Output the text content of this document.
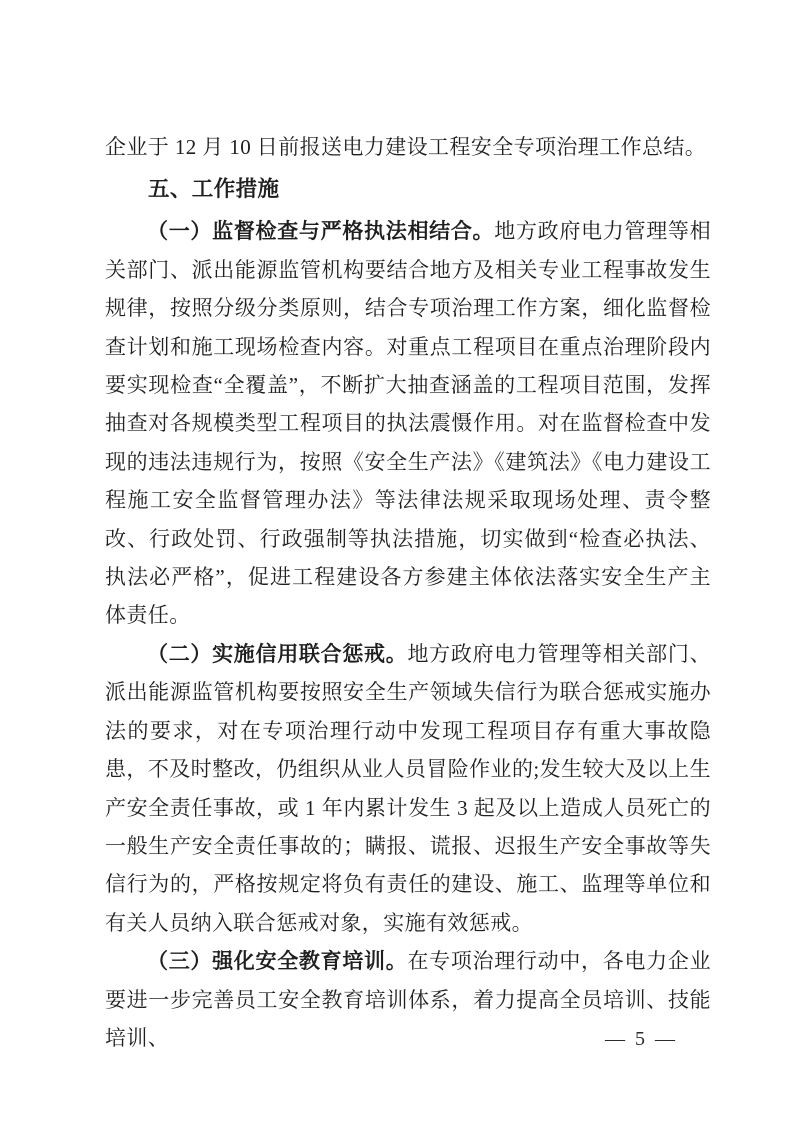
企业于 12 月 10 日前报送电力建设工程安全专项治理工作总结。

五、工作措施

（一）监督检查与严格执法相结合。地方政府电力管理等相关部门、派出能源监管机构要结合地方及相关专业工程事故发生规律，按照分级分类原则，结合专项治理工作方案，细化监督检查计划和施工现场检查内容。对重点工程项目在重点治理阶段内要实现检查“全覆盖”，不断扩大抽查涵盖的工程项目范围，发挥抽查对各规模类型工程项目的执法震慑作用。对在监督检查中发现的违法违规行为，按照《安全生产法》《建筑法》《电力建设工程施工安全监督管理办法》等法律法规采取现场处理、责令整改、行政处罚、行政强制等执法措施，切实做到“检查必执法、执法必严格”，促进工程建设各方参建主体依法落实安全生产主体责任。

（二）实施信用联合惩戒。地方政府电力管理等相关部门、派出能源监管机构要按照安全生产领域失信行为联合惩戒实施办法的要求，对在专项治理行动中发现工程项目存有重大事故隐患，不及时整改，仍组织从业人员冒险作业的;发生较大及以上生产安全责任事故，或 1 年内累计发生 3 起及以上造成人员死亡的一般生产安全责任事故的；瞒报、谎报、迟报生产安全事故等失信行为的，严格按规定将负有责任的建设、施工、监理等单位和有关人员纳入联合惩戒对象，实施有效惩戒。

（三）强化安全教育培训。在专项治理行动中，各电力企业要进一步完善员工安全教育培训体系，着力提高全员培训、技能培训、	— 5 —
